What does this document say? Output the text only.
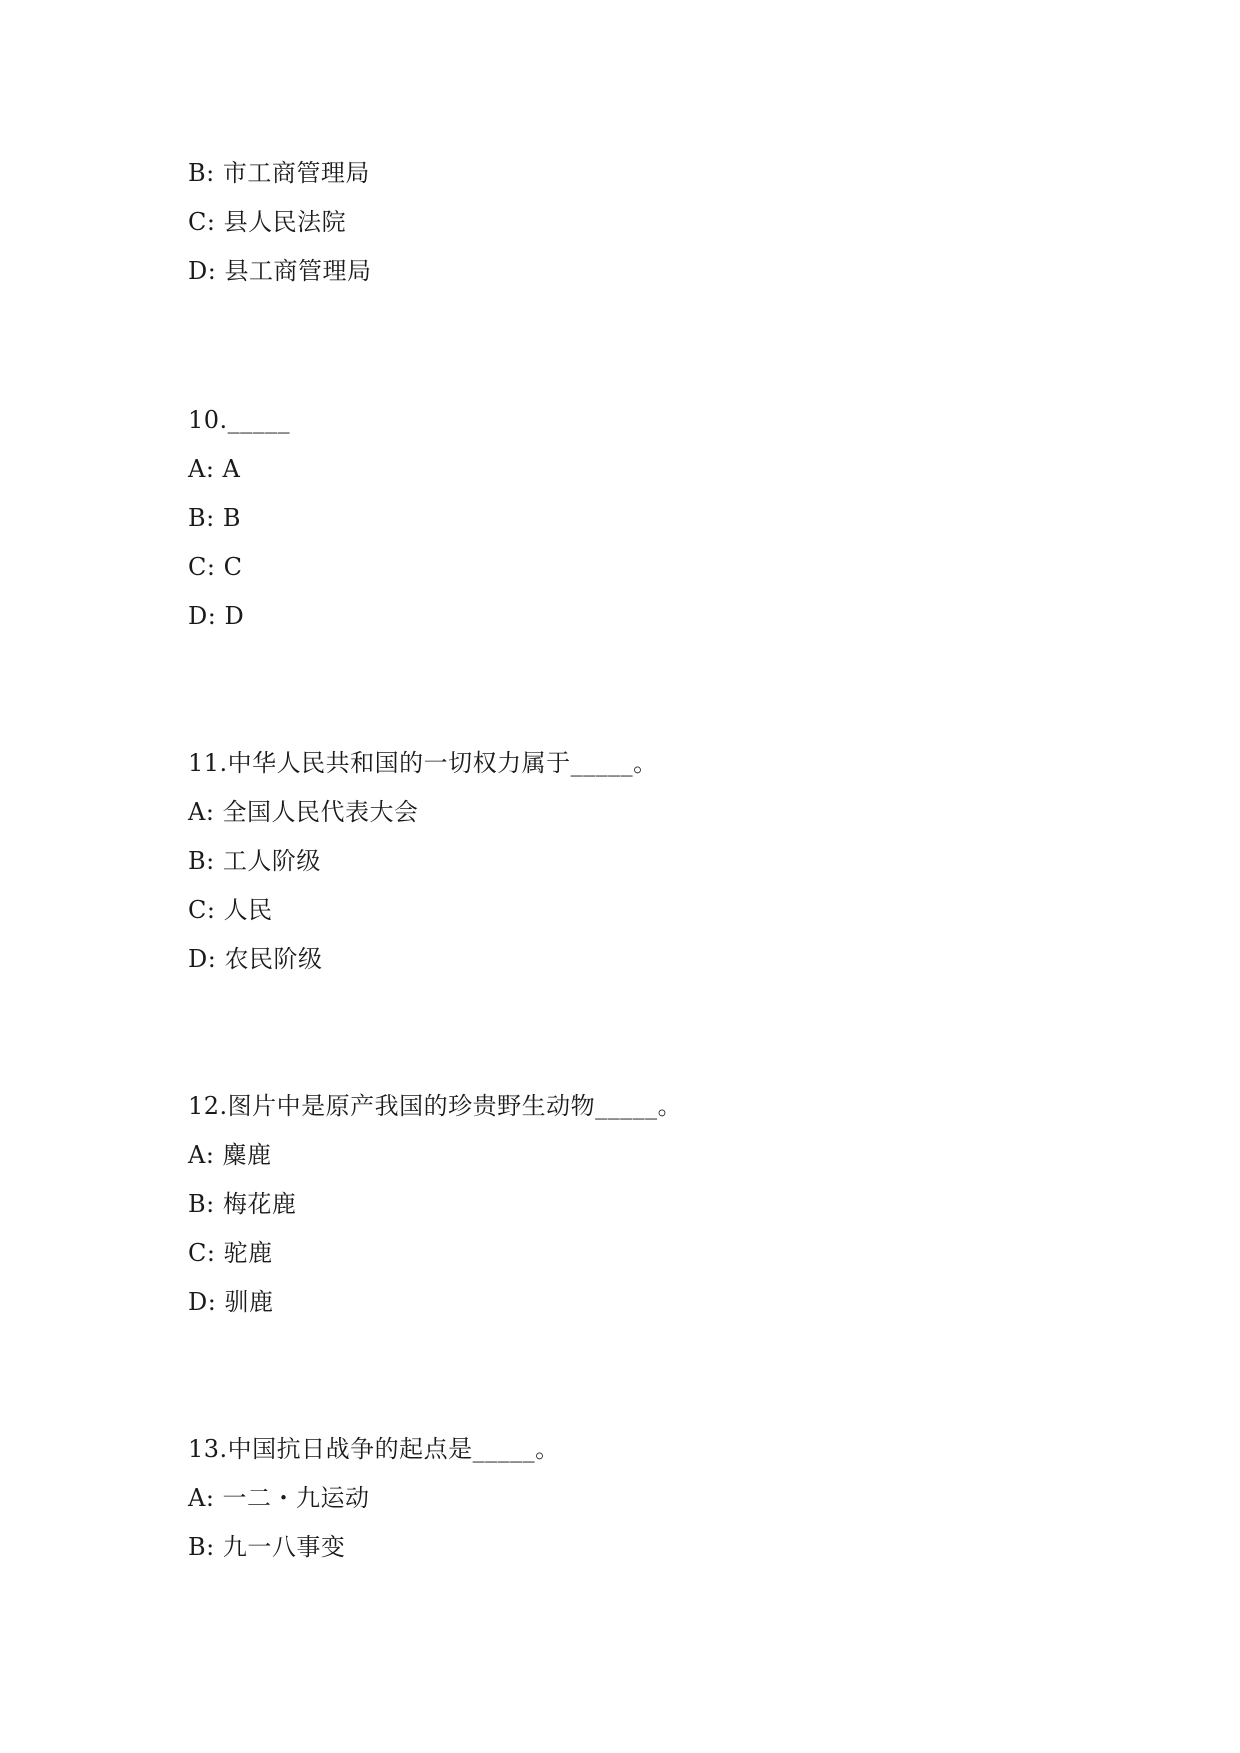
B: 市工商管理局
C: 县人民法院
D: 县工商管理局
10._____
A: A
B: B
C: C
D: D
11.中华人民共和国的一切权力属于_____。
A: 全国人民代表大会
B: 工人阶级
C: 人民
D: 农民阶级
12.图片中是原产我国的珍贵野生动物_____。
A: 麋鹿
B: 梅花鹿
C: 驼鹿
D: 驯鹿
13.中国抗日战争的起点是_____。
A: 一二・九运动
B: 九一八事变
